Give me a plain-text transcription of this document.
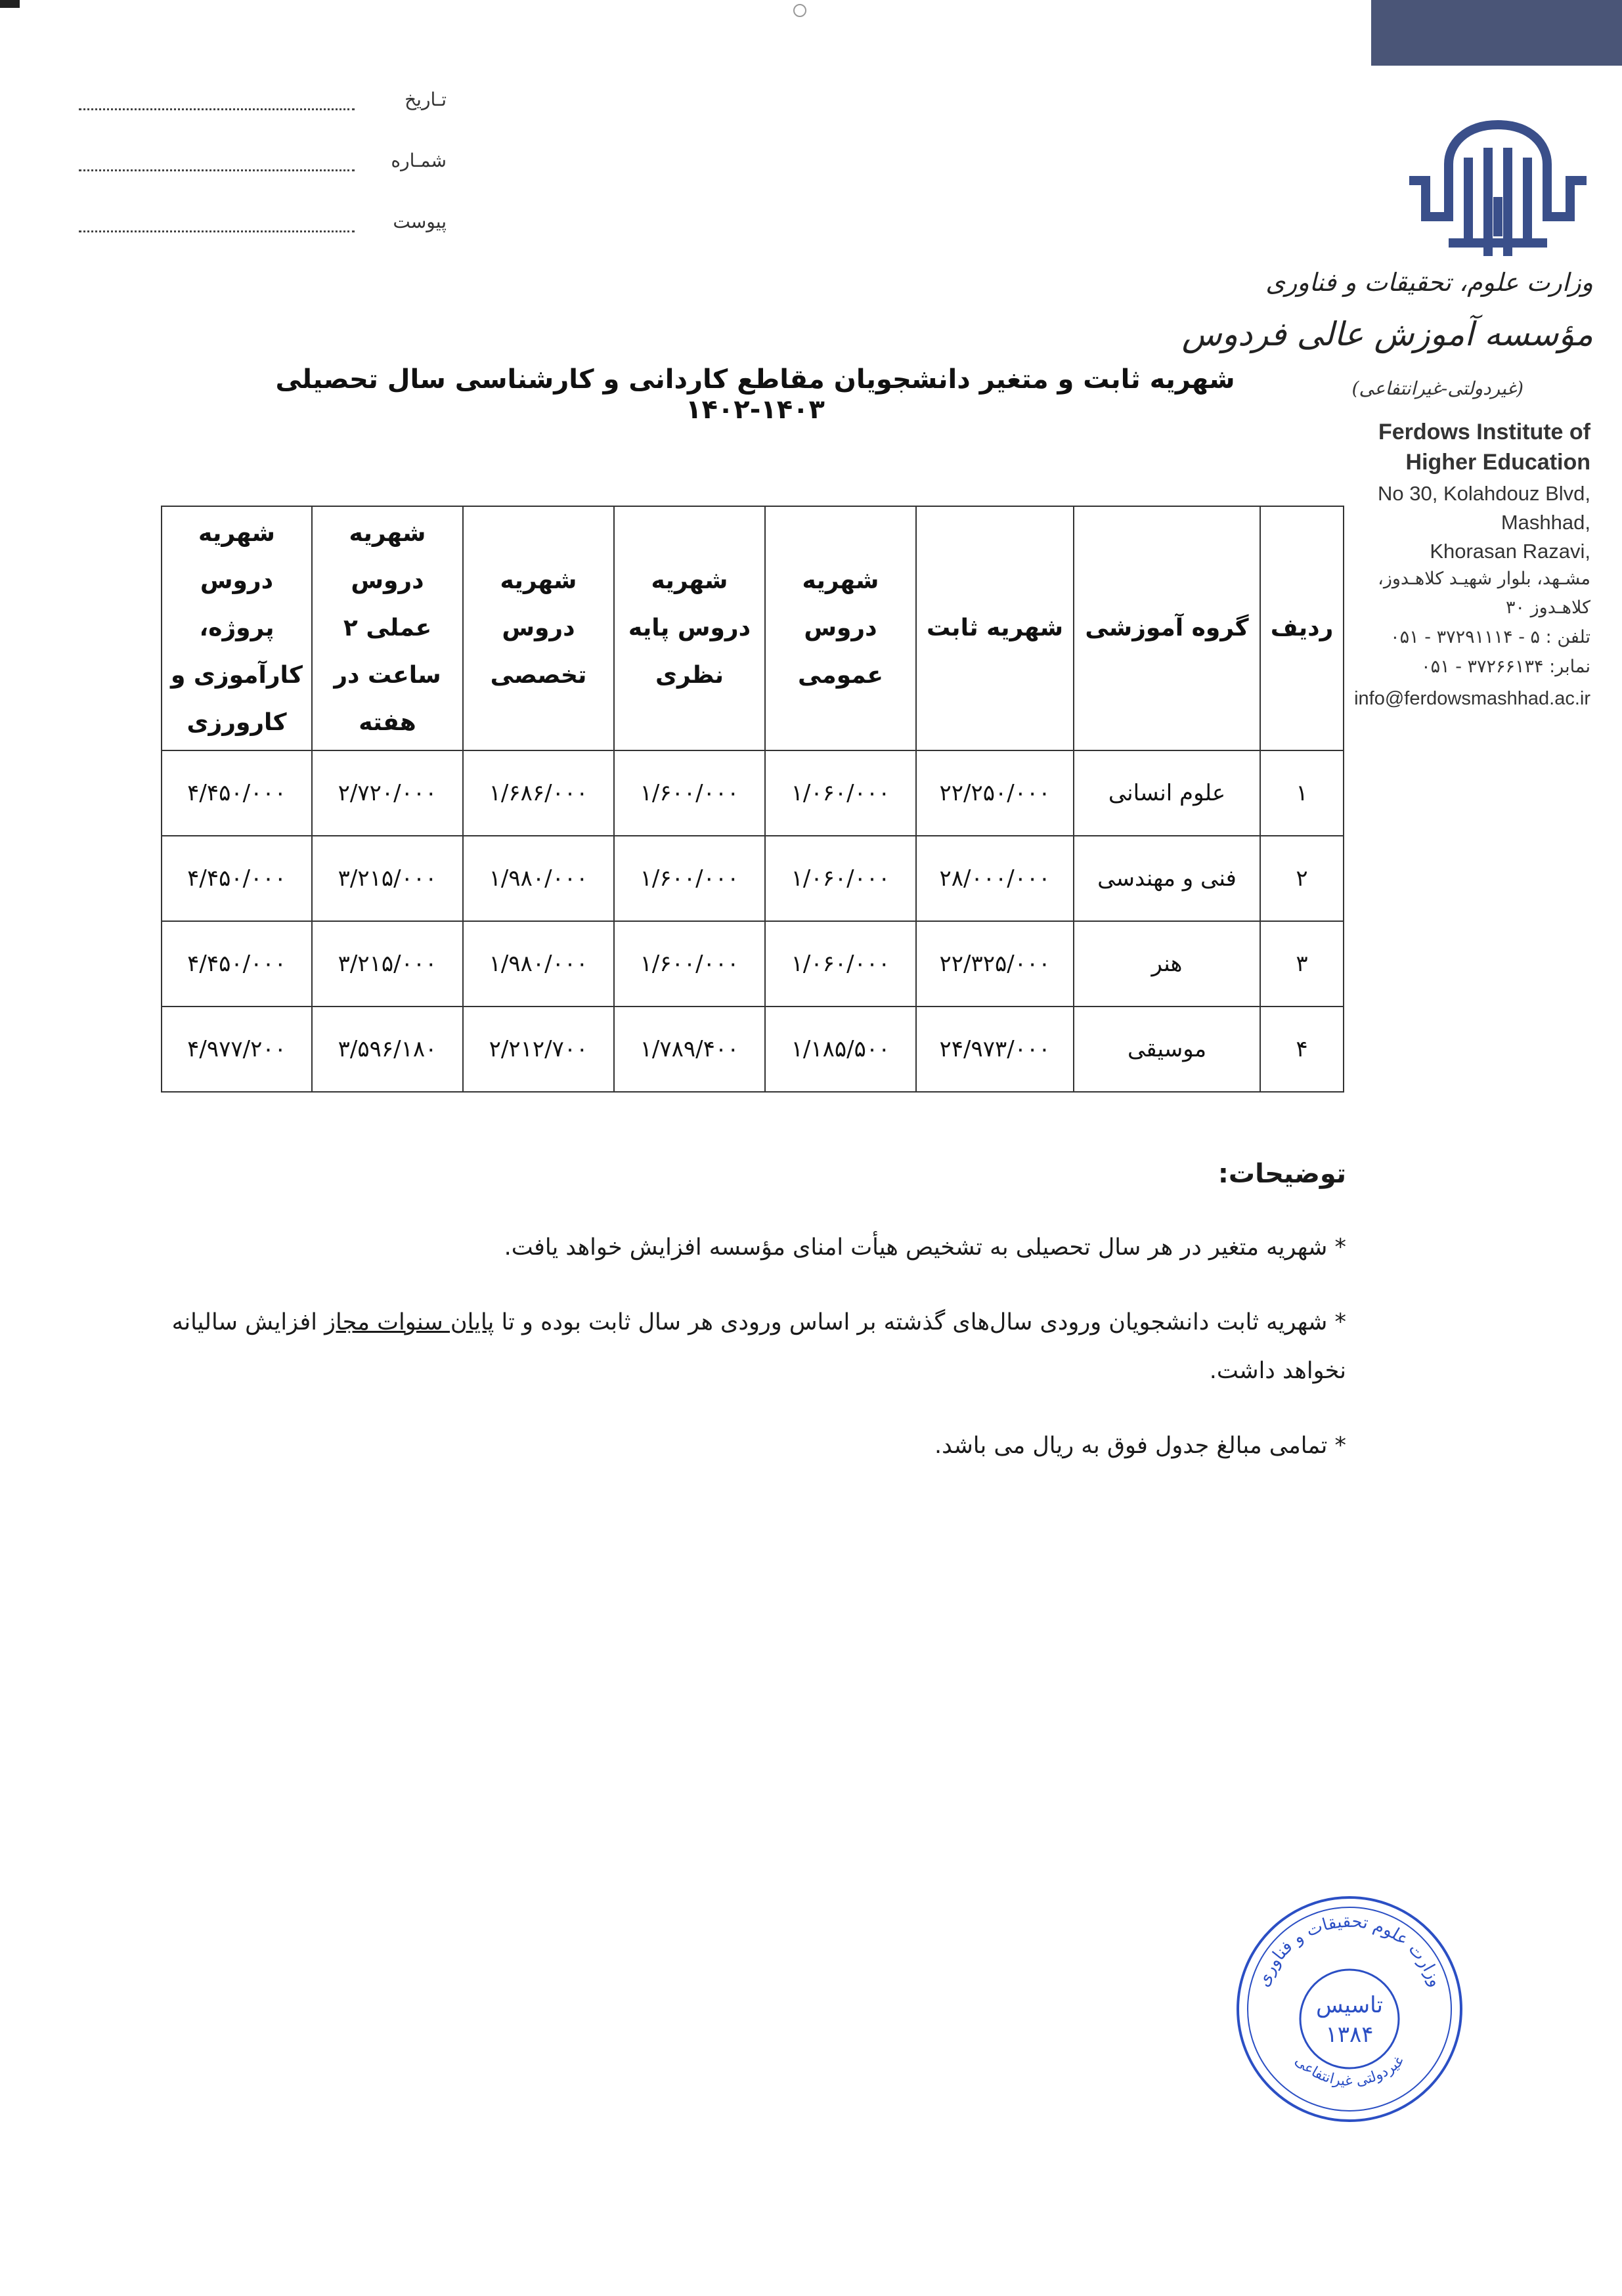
تـاریخ
شمـاره
پیوست
وزارت علوم، تحقیقات و فناوری
مؤسسه آموزش عالی فردوس
(غیردولتی-غیرانتفاعی)
Ferdows Institute of
Higher Education
No 30, Kolahdouz Blvd,
Mashhad,
Khorasan Razavi,
مشـهد، بلوار شهیـد کلاهـدوز،
کلاهـدوز ۳۰
تلفن : ۵ - ۳۷۲۹۱۱۱۴ - ۰۵۱
نمابر: ۳۷۲۶۶۱۳۴ - ۰۵۱
info@ferdowsmashhad.ac.ir
شهریه ثابت و متغیر دانشجویان مقاطع کاردانی و کارشناسی سال تحصیلی ۱۴۰۳-۱۴۰۲
ردیف	گروه آموزشی	شهریه ثابت	شهریه دروس عمومی	شهریه دروس پایه نظری	شهریه دروس تخصصی	شهریه دروس عملی ۲ ساعت در هفته	شهریه دروس پروژه، کارآموزی و کارورزی
۱	علوم انسانی	۲۲/۲۵۰/۰۰۰	۱/۰۶۰/۰۰۰	۱/۶۰۰/۰۰۰	۱/۶۸۶/۰۰۰	۲/۷۲۰/۰۰۰	۴/۴۵۰/۰۰۰
۲	فنی و مهندسی	۲۸/۰۰۰/۰۰۰	۱/۰۶۰/۰۰۰	۱/۶۰۰/۰۰۰	۱/۹۸۰/۰۰۰	۳/۲۱۵/۰۰۰	۴/۴۵۰/۰۰۰
۳	هنر	۲۲/۳۲۵/۰۰۰	۱/۰۶۰/۰۰۰	۱/۶۰۰/۰۰۰	۱/۹۸۰/۰۰۰	۳/۲۱۵/۰۰۰	۴/۴۵۰/۰۰۰
۴	موسیقی	۲۴/۹۷۳/۰۰۰	۱/۱۸۵/۵۰۰	۱/۷۸۹/۴۰۰	۲/۲۱۲/۷۰۰	۳/۵۹۶/۱۸۰	۴/۹۷۷/۲۰۰
توضیحات:
* شهریه متغیر در هر سال تحصیلی به تشخیص هیأت امنای مؤسسه افزایش خواهد یافت.
* شهریه ثابت دانشجویان ورودی سال‌های گذشته بر اساس ورودی هر سال ثابت بوده و تا پایان سنوات مجاز افزایش سالیانه نخواهد داشت.
* تمامی مبالغ جدول فوق به ریال می باشد.
وزارت علوم تحقیقات و فناوری
غیردولتی غیرانتفاعی
تاسیس
۱۳۸۴
